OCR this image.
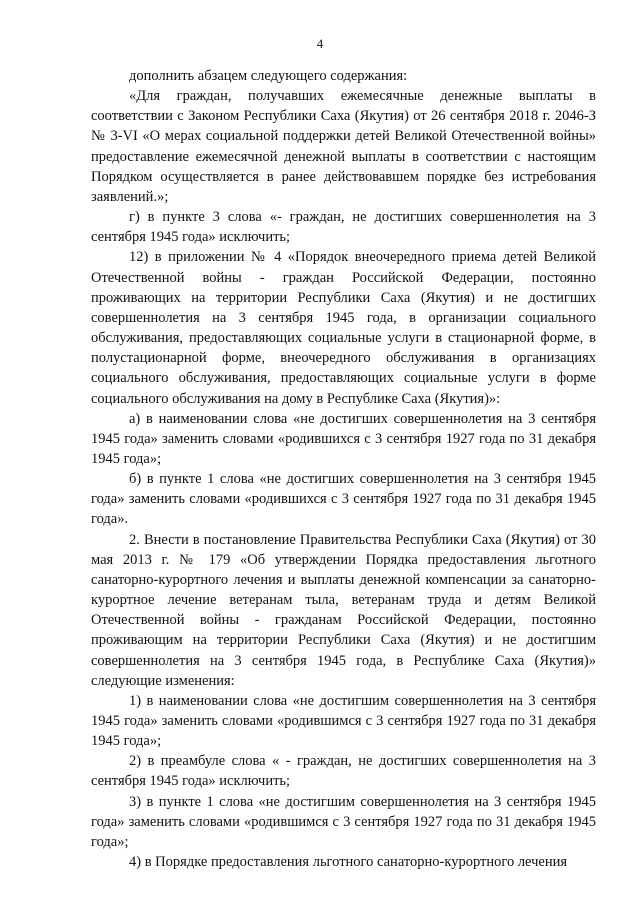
4

дополнить абзацем следующего содержания:

«Для граждан, получавших ежемесячные денежные выплаты в соответствии с Законом Республики Саха (Якутия) от 26 сентября 2018 г. 2046-З № 3-VI «О мерах социальной поддержки детей Великой Отечественной войны» предоставление ежемесячной денежной выплаты в соответствии с настоящим Порядком осуществляется в ранее действовавшем порядке без истребования заявлений.»;

г) в пункте 3 слова «- граждан, не достигших совершеннолетия на 3 сентября 1945 года» исключить;

12) в приложении № 4 «Порядок внеочередного приема детей Великой Отечественной войны - граждан Российской Федерации, постоянно проживающих на территории Республики Саха (Якутия) и не достигших совершеннолетия на 3 сентября 1945 года, в организации социального обслуживания, предоставляющих социальные услуги в стационарной форме, в полустационарной форме, внеочередного обслуживания в организациях социального обслуживания, предоставляющих социальные услуги в форме социального обслуживания на дому в Республике Саха (Якутия)»:

а) в наименовании слова «не достигших совершеннолетия на 3 сентября 1945 года» заменить словами «родившихся с 3 сентября 1927 года по 31 декабря 1945 года»;

б) в пункте 1 слова «не достигших совершеннолетия на 3 сентября 1945 года» заменить словами «родившихся с 3 сентября 1927 года по 31 декабря 1945 года».

2. Внести в постановление Правительства Республики Саха (Якутия) от 30 мая 2013 г. № 179 «Об утверждении Порядка предоставления льготного санаторно-курортного лечения и выплаты денежной компенсации за санаторно-курортное лечение ветеранам тыла, ветеранам труда и детям Великой Отечественной войны - гражданам Российской Федерации, постоянно проживающим на территории Республики Саха (Якутия) и не достигшим совершеннолетия на 3 сентября 1945 года, в Республике Саха (Якутия)» следующие изменения:

1) в наименовании слова «не достигшим совершеннолетия на 3 сентября 1945 года» заменить словами «родившимся с 3 сентября 1927 года по 31 декабря 1945 года»;

2) в преамбуле слова « - граждан, не достигших совершеннолетия на 3 сентября 1945 года» исключить;

3) в пункте 1 слова «не достигшим совершеннолетия на 3 сентября 1945 года» заменить словами «родившимся с 3 сентября 1927 года по 31 декабря 1945 года»;

4) в Порядке предоставления льготного санаторно-курортного лечения
